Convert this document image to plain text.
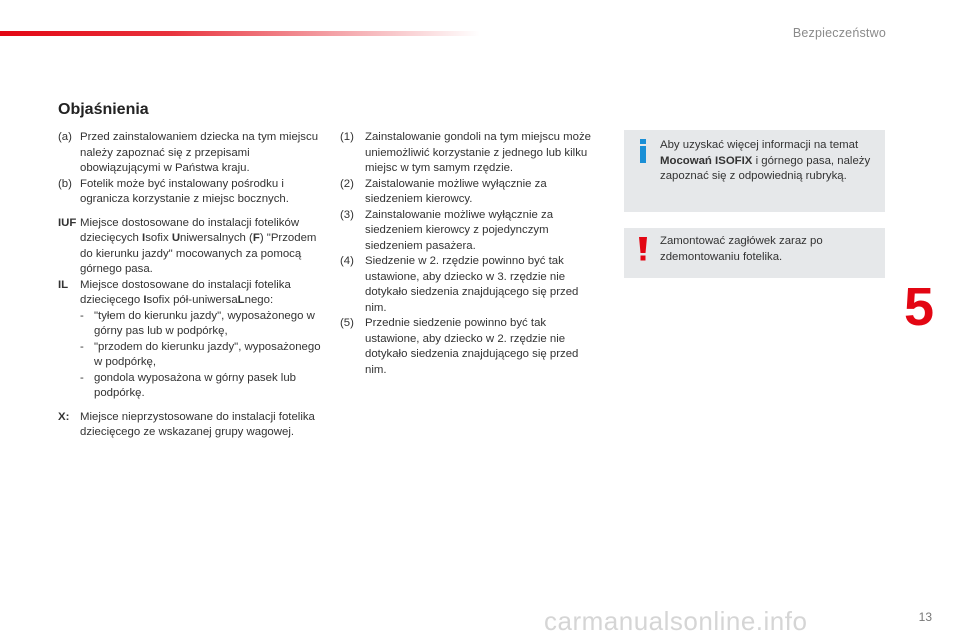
Bezpieczeństwo
Objaśnienia
(a) Przed zainstalowaniem dziecka na tym miejscu należy zapoznać się z przepisami obowiązującymi w Państwa kraju.
(b) Fotelik może być instalowany pośrodku i ogranicza korzystanie z miejsc bocznych.
IUF Miejsce dostosowane do instalacji fotelików dziecięcych Isofix Uniwersalnych (F) "Przodem do kierunku jazdy" mocowanych za pomocą górnego pasa.
IL	Miejsce dostosowane do instalacji fotelika dziecięcego Isofix pół-uniwersaLnego:
- "tyłem do kierunku jazdy", wyposażonego w górny pas lub w podpórkę,
- "przodem do kierunku jazdy", wyposażonego w podpórkę,
- gondola wyposażona w górny pasek lub podpórkę.
X: Miejsce nieprzystosowane do instalacji fotelika dziecięcego ze wskazanej grupy wagowej.
(1) Zainstalowanie gondoli na tym miejscu może uniemożliwić korzystanie z jednego lub kilku miejsc w tym samym rzędzie.
(2) Zaistalowanie możliwe wyłącznie za siedzeniem kierowcy.
(3) Zainstalowanie możliwe wyłącznie za siedzeniem kierowcy z pojedynczym siedzeniem pasażera.
(4) Siedzenie w 2. rzędzie powinno być tak ustawione, aby dziecko w 3. rzędzie nie dotykało siedzenia znajdującego się przed nim.
(5) Przednie siedzenie powinno być tak ustawione, aby dziecko w 2. rzędzie nie dotykało siedzenia znajdującego się przed nim.
Aby uzyskać więcej informacji na temat Mocowań ISOFIX i górnego pasa, należy zapoznać się z odpowiednią rubryką.
Zamontować zagłówek zaraz po zdemontowaniu fotelika.
5
carmanualsonline.info	13
